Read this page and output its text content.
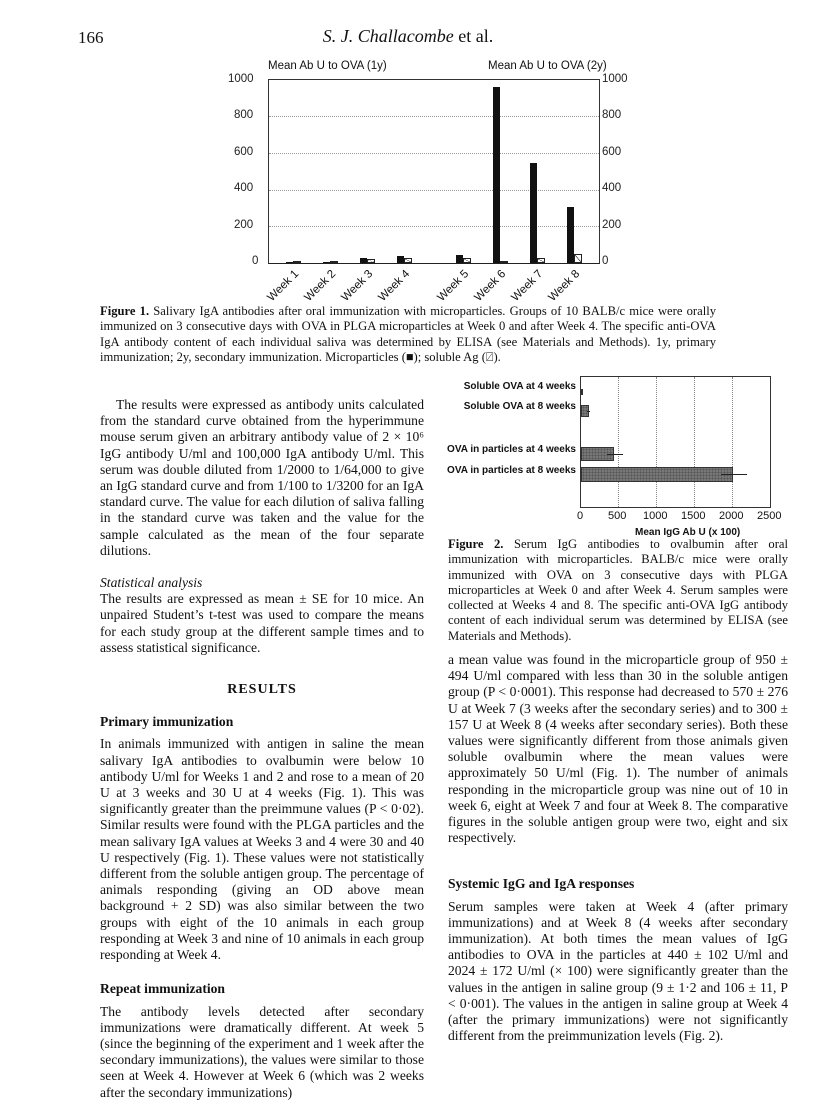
166	S. J. Challacombe et al.
Mean Ab U to OVA (1y)	Mean Ab U to OVA (2y)
1000
800
600
400
200
0
1000
800
600
400
200
0
Week 1 Week 2 Week 3 Week 4 Week 5 Week 6 Week 7 Week 8
Figure 1. Salivary IgA antibodies after oral immunization with microparticles. Groups of 10 BALB/c mice were orally immunized on 3 consecutive days with OVA in PLGA microparticles at Week 0 and after Week 4. The specific anti-OVA IgA antibody content of each individual saliva was determined by ELISA (see Materials and Methods). 1y, primary immunization; 2y, secondary immunization. Microparticles (■); soluble Ag (⍁).

The results were expressed as antibody units calculated from the standard curve obtained from the hyperimmune mouse serum given an arbitrary antibody value of 2 × 10⁶ IgG antibody U/ml and 100,000 IgA antibody U/ml. This serum was double diluted from 1/2000 to 1/64,000 to give an IgG standard curve and from 1/100 to 1/3200 for an IgA standard curve. The value for each dilution of saliva falling in the standard curve was taken and the value for the sample calculated as the mean of the four separate dilutions.

Statistical analysis

The results are expressed as mean ± SE for 10 mice. An unpaired Student’s t-test was used to compare the means for each study group at the different sample times and to assess statistical significance.

RESULTS
Primary immunization

In animals immunized with antigen in saline the mean salivary IgA antibodies to ovalbumin were below 10 antibody U/ml for Weeks 1 and 2 and rose to a mean of 20 U at 3 weeks and 30 U at 4 weeks (Fig. 1). This was significantly greater than the preimmune values (P < 0·02). Similar results were found with the PLGA particles and the mean salivary IgA values at Weeks 3 and 4 were 30 and 40 U respectively (Fig. 1). These values were not statistically different from the soluble antigen group. The percentage of animals responding (giving an OD above mean background + 2 SD) was also similar between the two groups with eight of the 10 animals in each group responding at Week 3 and nine of 10 animals in each group responding at Week 4.

Repeat immunization

The antibody levels detected after secondary immunizations were dramatically different. At week 5 (since the beginning of the experiment and 1 week after the secondary immunizations), the values were similar to those seen at Week 4. However at Week 6 (which was 2 weeks after the secondary immunizations)

Soluble OVA at 4 weeks
Soluble OVA at 8 weeks
OVA in particles at 4 weeks
OVA in particles at 8 weeks
0 500 1000 1500 2000 2500
Mean IgG Ab U (x 100)
Figure 2. Serum IgG antibodies to ovalbumin after oral immunization with microparticles. BALB/c mice were orally immunized with OVA on 3 consecutive days with PLGA microparticles at Week 0 and after Week 4. Serum samples were collected at Weeks 4 and 8. The specific anti-OVA IgG antibody content of each individual serum was determined by ELISA (see Materials and Methods).

a mean value was found in the microparticle group of 950 ± 494 U/ml compared with less than 30 in the soluble antigen group (P < 0·0001). This response had decreased to 570 ± 276 U at Week 7 (3 weeks after the secondary series) and to 300 ± 157 U at Week 8 (4 weeks after secondary series). Both these values were significantly different from those animals given soluble ovalbumin where the mean values were approximately 50 U/ml (Fig. 1). The number of animals responding in the microparticle group was nine out of 10 in week 6, eight at Week 7 and four at Week 8. The comparative figures in the soluble antigen group were two, eight and six respectively.

Systemic IgG and IgA responses

Serum samples were taken at Week 4 (after primary immunizations) and at Week 8 (4 weeks after secondary immunization). At both times the mean values of IgG antibodies to OVA in the particles at 440 ± 102 U/ml and 2024 ± 172 U/ml (× 100) were significantly greater than the values in the antigen in saline group (9 ± 1·2 and 106 ± 11, P < 0·001). The values in the antigen in saline group at Week 4 (after the primary immunizations) were not significantly different from the preimmunization levels (Fig. 2).
